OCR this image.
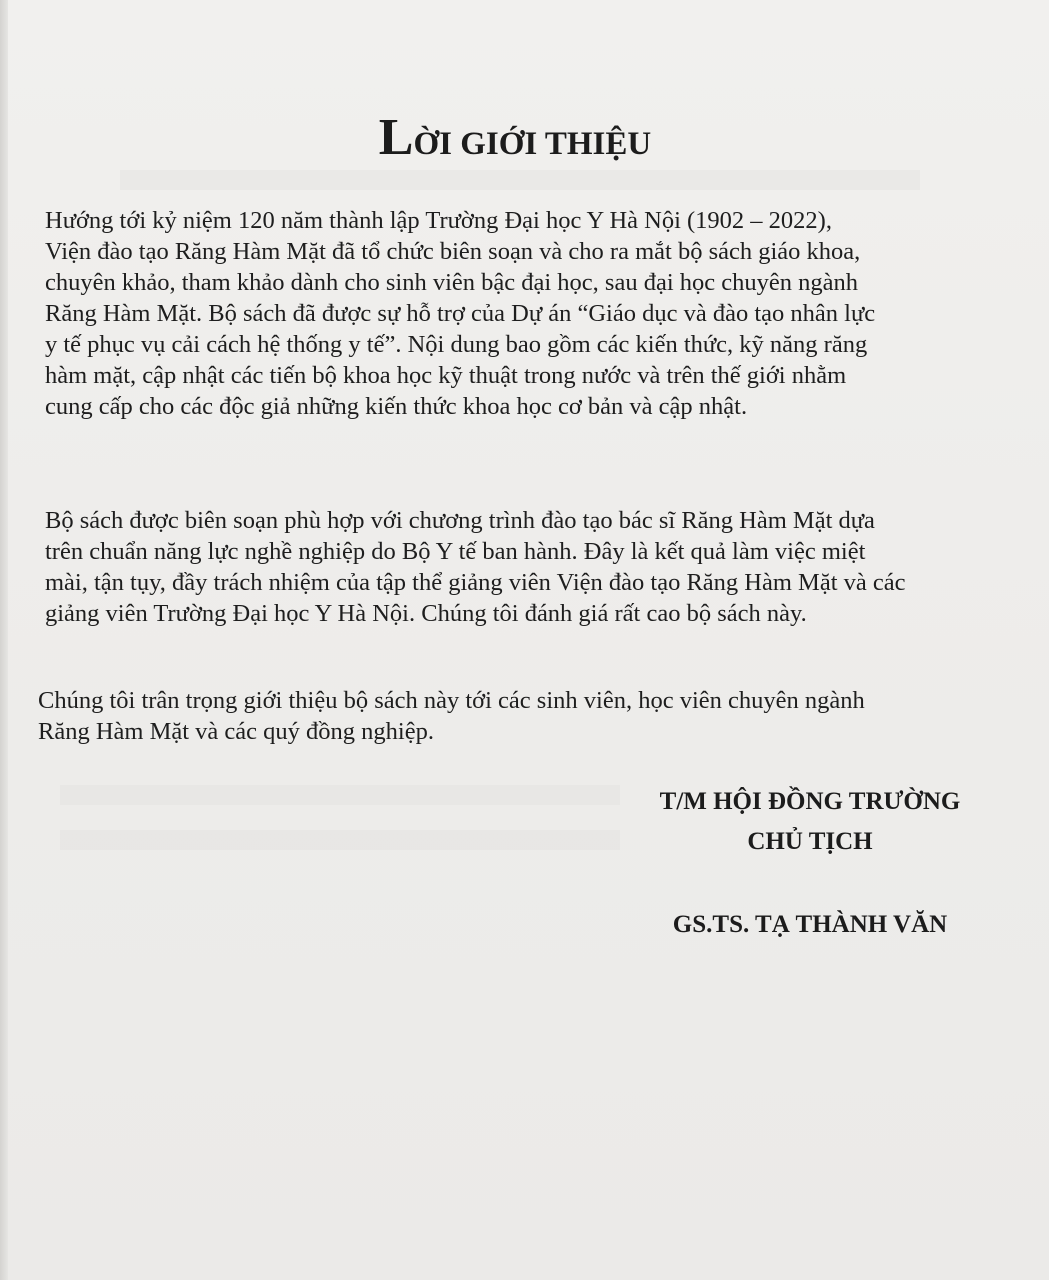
LỜI GIỚI THIỆU

Hướng tới kỷ niệm 120 năm thành lập Trường Đại học Y Hà Nội (1902 – 2022),
Viện đào tạo Răng Hàm Mặt đã tổ chức biên soạn và cho ra mắt bộ sách giáo khoa,
chuyên khảo, tham khảo dành cho sinh viên bậc đại học, sau đại học chuyên ngành
Răng Hàm Mặt. Bộ sách đã được sự hỗ trợ của Dự án “Giáo dục và đào tạo nhân lực
y tế phục vụ cải cách hệ thống y tế”. Nội dung bao gồm các kiến thức, kỹ năng răng
hàm mặt, cập nhật các tiến bộ khoa học kỹ thuật trong nước và trên thế giới nhằm
cung cấp cho các độc giả những kiến thức khoa học cơ bản và cập nhật.

Bộ sách được biên soạn phù hợp với chương trình đào tạo bác sĩ Răng Hàm Mặt dựa
trên chuẩn năng lực nghề nghiệp do Bộ Y tế ban hành. Đây là kết quả làm việc miệt
mài, tận tụy, đầy trách nhiệm của tập thể giảng viên Viện đào tạo Răng Hàm Mặt và các
giảng viên Trường Đại học Y Hà Nội. Chúng tôi đánh giá rất cao bộ sách này.

Chúng tôi trân trọng giới thiệu bộ sách này tới các sinh viên, học viên chuyên ngành
Răng Hàm Mặt và các quý đồng nghiệp.

T/M HỘI ĐỒNG TRƯỜNG
CHỦ TỊCH
GS.TS. TẠ THÀNH VĂN
